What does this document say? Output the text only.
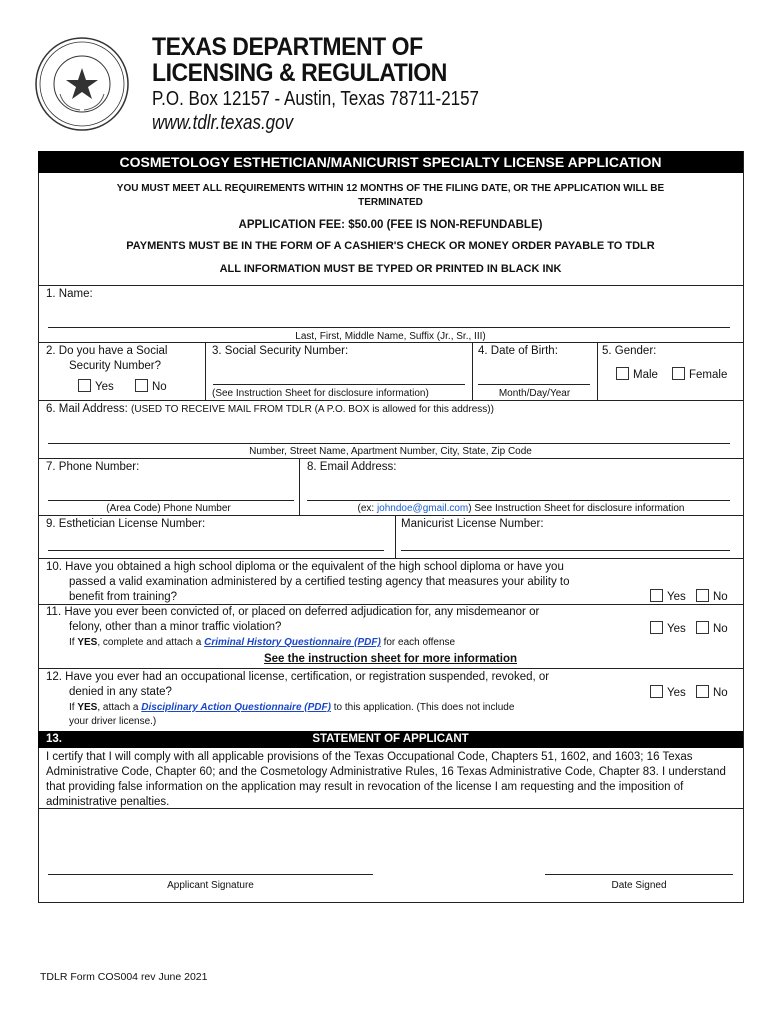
TEXAS DEPARTMENT OF
LICENSING & REGULATION
P.O. Box 12157 - Austin, Texas 78711-2157
www.tdlr.texas.gov
COSMETOLOGY ESTHETICIAN/MANICURIST SPECIALTY LICENSE APPLICATION
YOU MUST MEET ALL REQUIREMENTS WITHIN 12 MONTHS OF THE FILING DATE, OR THE APPLICATION WILL BE
TERMINATED
APPLICATION FEE: $50.00 (FEE IS NON-REFUNDABLE)
PAYMENTS MUST BE IN THE FORM OF A CASHIER'S CHECK OR MONEY ORDER PAYABLE TO TDLR
ALL INFORMATION MUST BE TYPED OR PRINTED IN BLACK INK
1. Name:
Last, First, Middle Name, Suffix (Jr., Sr., III)
2. Do you have a Social
Security Number?
Yes	No
3. Social Security Number:
(See Instruction Sheet for disclosure information)
4. Date of Birth:
Month/Day/Year
5. Gender:
Male	Female
6. Mail Address: (USED TO RECEIVE MAIL FROM TDLR (A P.O. BOX is allowed for this address))
Number, Street Name, Apartment Number, City, State, Zip Code
7. Phone Number:
(Area Code) Phone Number
8. Email Address:
(ex: johndoe@gmail.com) See Instruction Sheet for disclosure information
9. Esthetician License Number:	Manicurist License Number:
10. Have you obtained a high school diploma or the equivalent of the high school diploma or have you
passed a valid examination administered by a certified testing agency that measures your ability to
benefit from training?	Yes	No
11. Have you ever been convicted of, or placed on deferred adjudication for, any misdemeanor or
felony, other than a minor traffic violation?	Yes	No
If YES, complete and attach a Criminal History Questionnaire (PDF) for each offense
See the instruction sheet for more information
12. Have you ever had an occupational license, certification, or registration suspended, revoked, or
denied in any state?	Yes	No
If YES, attach a Disciplinary Action Questionnaire (PDF) to this application. (This does not include
your driver license.)
13.	STATEMENT OF APPLICANT
I certify that I will comply with all applicable provisions of the Texas Occupational Code, Chapters 51, 1602, and 1603; 16 Texas Administrative Code, Chapter 60; and the Cosmetology Administrative Rules, 16 Texas Administrative Code, Chapter 83. I understand that providing false information on the application may result in revocation of the license I am requesting and the imposition of administrative penalties.
Applicant Signature	Date Signed
TDLR Form COS004 rev June 2021
